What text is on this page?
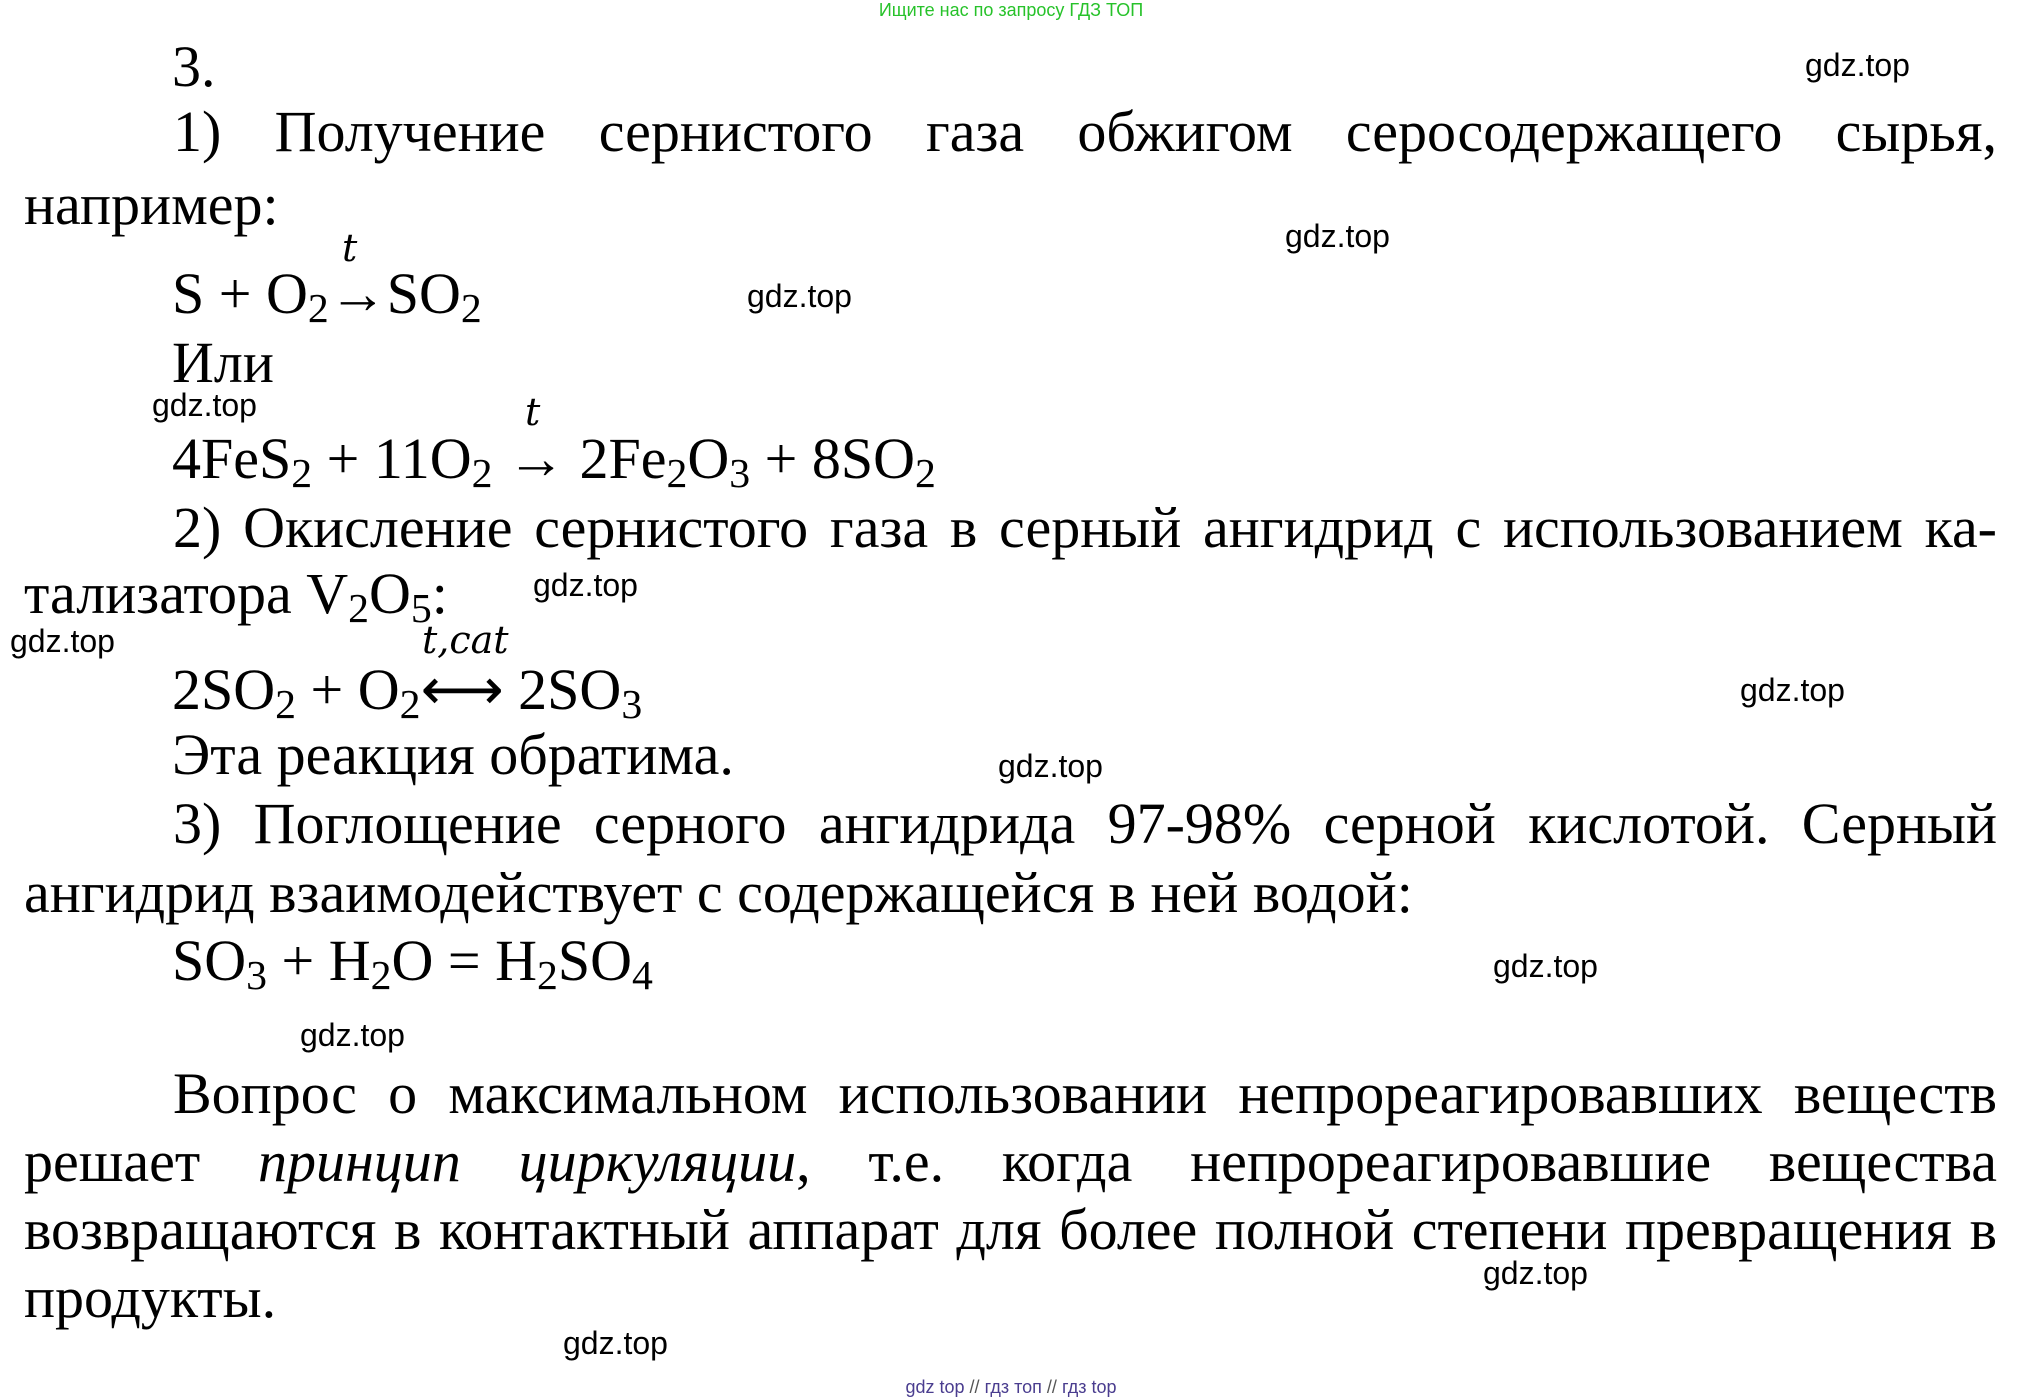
Ищите нас по запросу ГДЗ ТОП
3.
1) Получение сернистого газа обжигом серосодержащего сырья,
например:
$S + O_2\to SO_2$
t
Или
$4FeS_2 + 11O_2 \to 2Fe_2O_3 + 8SO_2$
t
2) Окисление сернистого газа в серный ангидрид с использованием ка-
тализатора $V_2O_5$:
$2SO_2$ + $O_2⟷$ $2SO_3$
t,cat
Эта реакция обратима.
3) Поглощение серного ангидрида 97-98% серной кислотой. Серный
ангидрид взаимодействует с содержащейся в ней водой:
$SO_3 + H_2O = H_2SO_4$
Вопрос о максимальном использовании непрореагировавших веществ решает принцип циркуляции, т.е. когда непрореагировавшие вещества возвращаются в контактный аппарат для более полной степени превращения в продукты.
gdz.top
gdz.top
gdz.top
gdz.top
gdz.top
gdz.top
gdz.top
gdz.top
gdz.top
gdz.top
gdz.top
gdz.top
gdz top // гдз топ // гдз top
